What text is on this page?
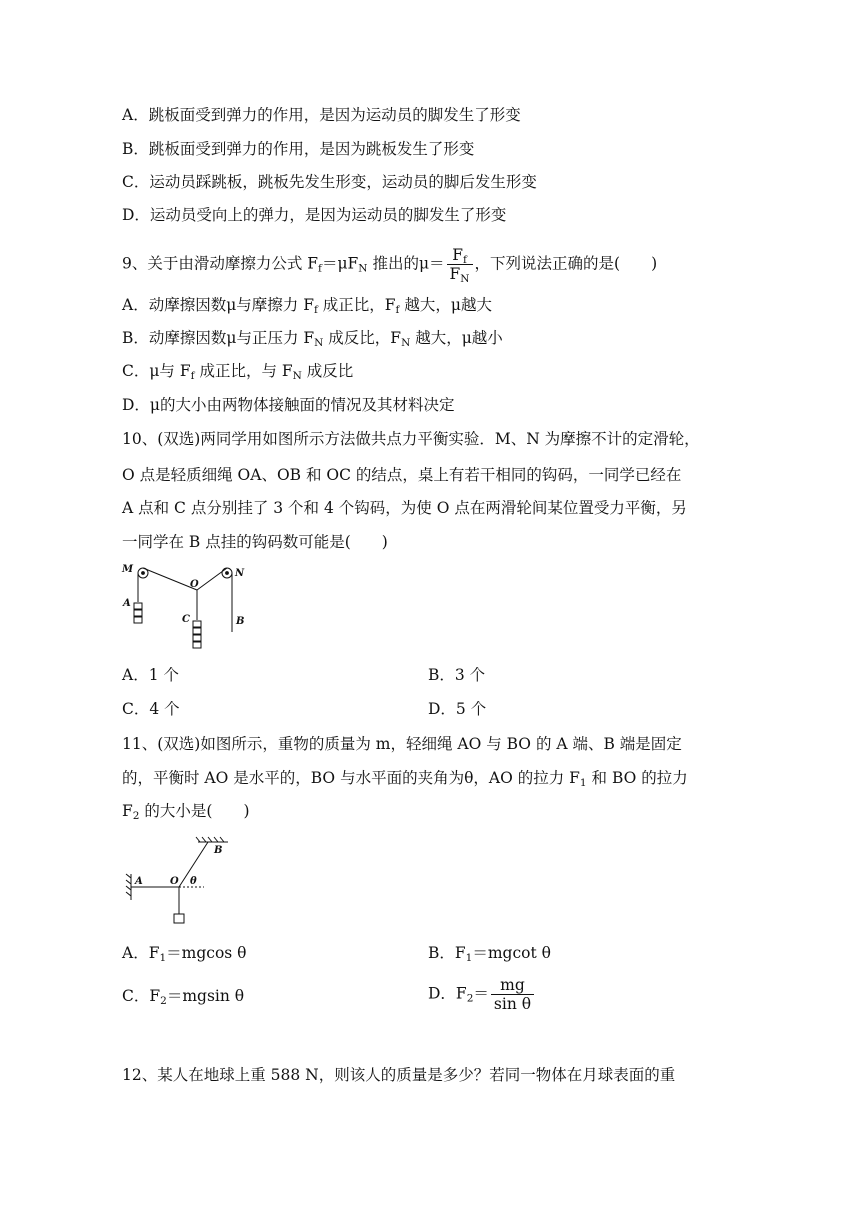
A．跳板面受到弹力的作用，是因为运动员的脚发生了形变
B．跳板面受到弹力的作用，是因为跳板发生了形变
C．运动员踩跳板，跳板先发生形变，运动员的脚后发生形变
D．运动员受向上的弹力，是因为运动员的脚发生了形变
9、关于由滑动摩擦力公式 $F_f=\mu F_N$ 推出的$\mu= \frac{F_f}{F_N}$ ，下列说法正确的是(　　)
A．动摩擦因数μ与摩擦力 $F_f$ 成正比，$F_f$ 越大，μ越大
B．动摩擦因数μ与正压力 $F_N$ 成反比，$F_N$ 越大，μ越小
C．μ与 $F_f$ 成正比，与 $F_N$ 成反比
D．μ的大小由两物体接触面的情况及其材料决定
10、(双选)两同学用如图所示方法做共点力平衡实验．M、N 为摩擦不计的定滑轮，
O 点是轻质细绳 OA、OB 和 OC 的结点，桌上有若干相同的钩码，一同学已经在
A 点和 C 点分别挂了 3 个和 4 个钩码，为使 O 点在两滑轮间某位置受力平衡，另
一同学在 B 点挂的钩码数可能是(　　)
M	N
O
A
B
C
A．1 个	B．3 个
C．4 个	D．5 个
11、(双选)如图所示，重物的质量为 m，轻细绳 AO 与 BO 的 A 端、B 端是固定
的，平衡时 AO 是水平的，BO 与水平面的夹角为θ，AO 的拉力 $F_1$ 和 BO 的拉力
$F_2$ 的大小是(　　)
A	O
B
θ
A．$F_1=mgcos$ θ	B．$F_1=mgcot$ θ
C．$F_2=mgsin$ θ	D．$F_2= \frac{mg}{\text{sin θ}}$
12、某人在地球上重 588 N，则该人的质量是多少？若同一物体在月球表面的重
